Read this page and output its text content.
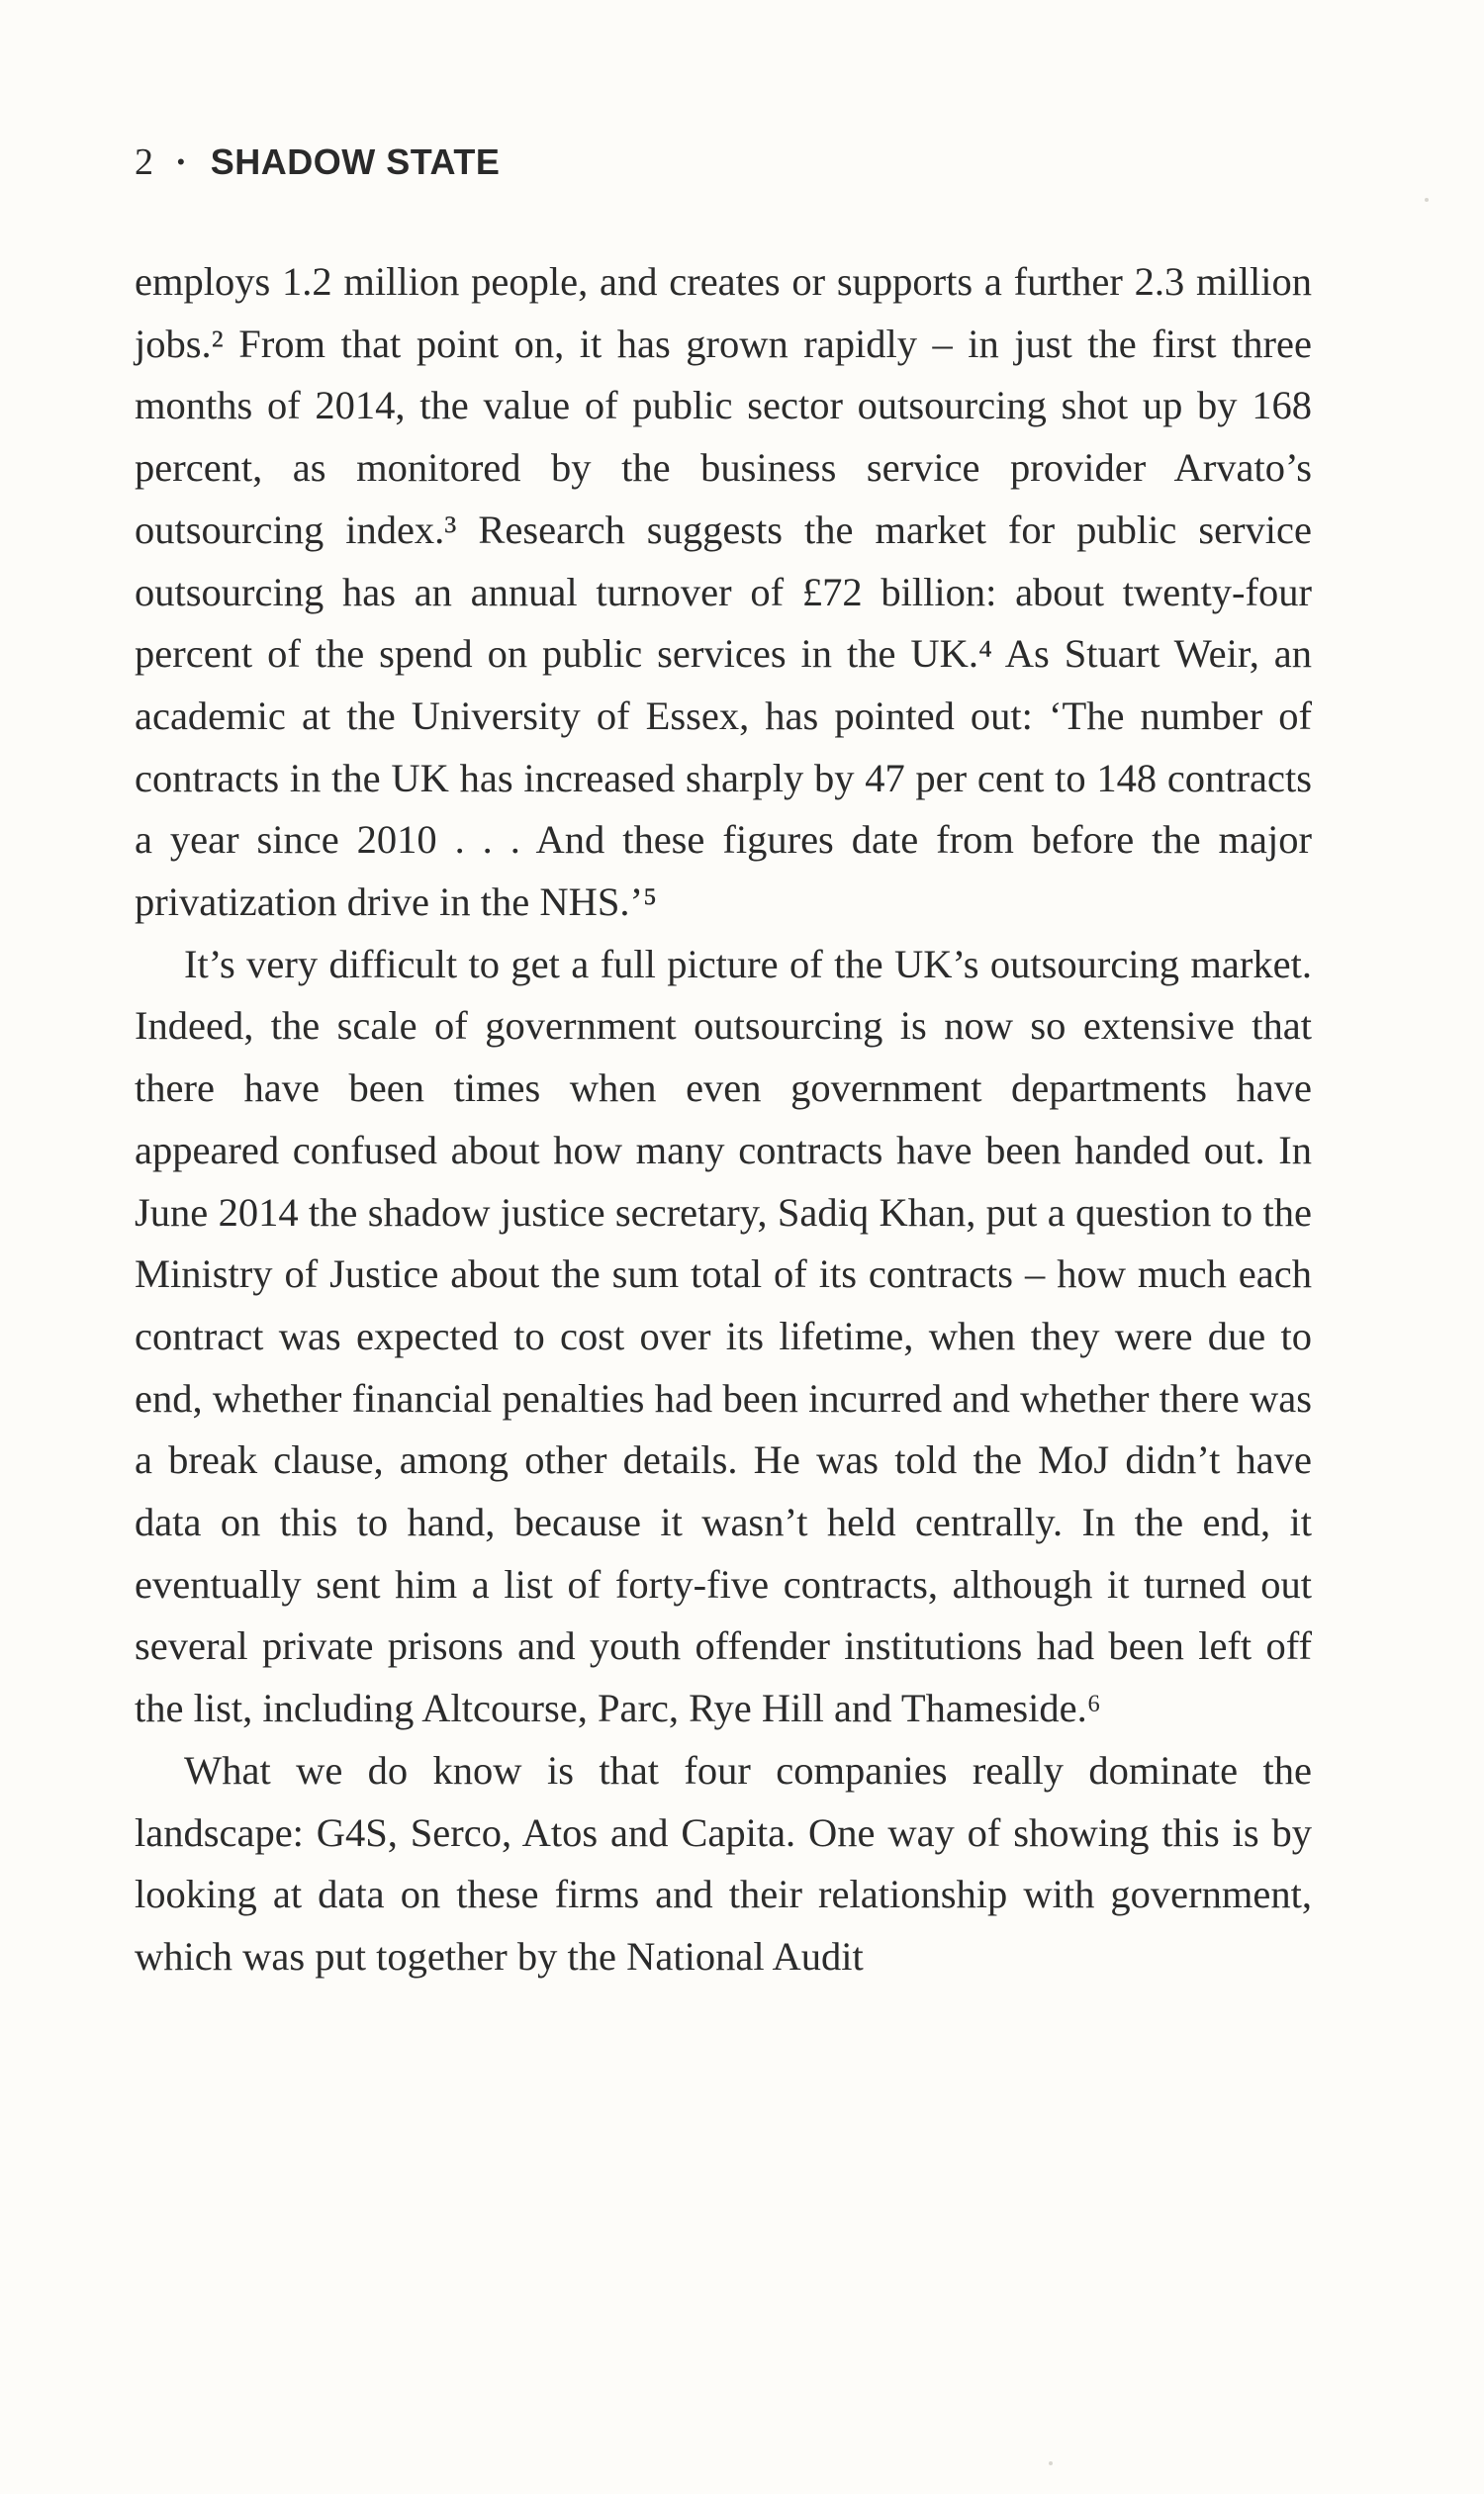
2 • SHADOW STATE

employs 1.2 million people, and creates or supports a further 2.3 million jobs.² From that point on, it has grown rapidly – in just the first three months of 2014, the value of public sector outsourcing shot up by 168 percent, as monitored by the business service provider Arvato’s outsourcing index.³ Research suggests the market for public service outsourcing has an annual turnover of £72 billion: about twenty-four percent of the spend on public services in the UK.⁴ As Stuart Weir, an academic at the University of Essex, has pointed out: ‘The number of contracts in the UK has increased sharply by 47 per cent to 148 contracts a year since 2010 . . . And these figures date from before the major privatization drive in the NHS.’⁵

It’s very difficult to get a full picture of the UK’s outsourcing market. Indeed, the scale of government outsourcing is now so extensive that there have been times when even government departments have appeared confused about how many contracts have been handed out. In June 2014 the shadow justice secretary, Sadiq Khan, put a question to the Ministry of Justice about the sum total of its contracts – how much each contract was expected to cost over its lifetime, when they were due to end, whether financial penalties had been incurred and whether there was a break clause, among other details. He was told the MoJ didn’t have data on this to hand, because it wasn’t held centrally. In the end, it eventually sent him a list of forty-five contracts, although it turned out several private prisons and youth offender institutions had been left off the list, including Altcourse, Parc, Rye Hill and Thameside.⁶

What we do know is that four companies really dominate the landscape: G4S, Serco, Atos and Capita. One way of showing this is by looking at data on these firms and their relationship with government, which was put together by the National Audit
